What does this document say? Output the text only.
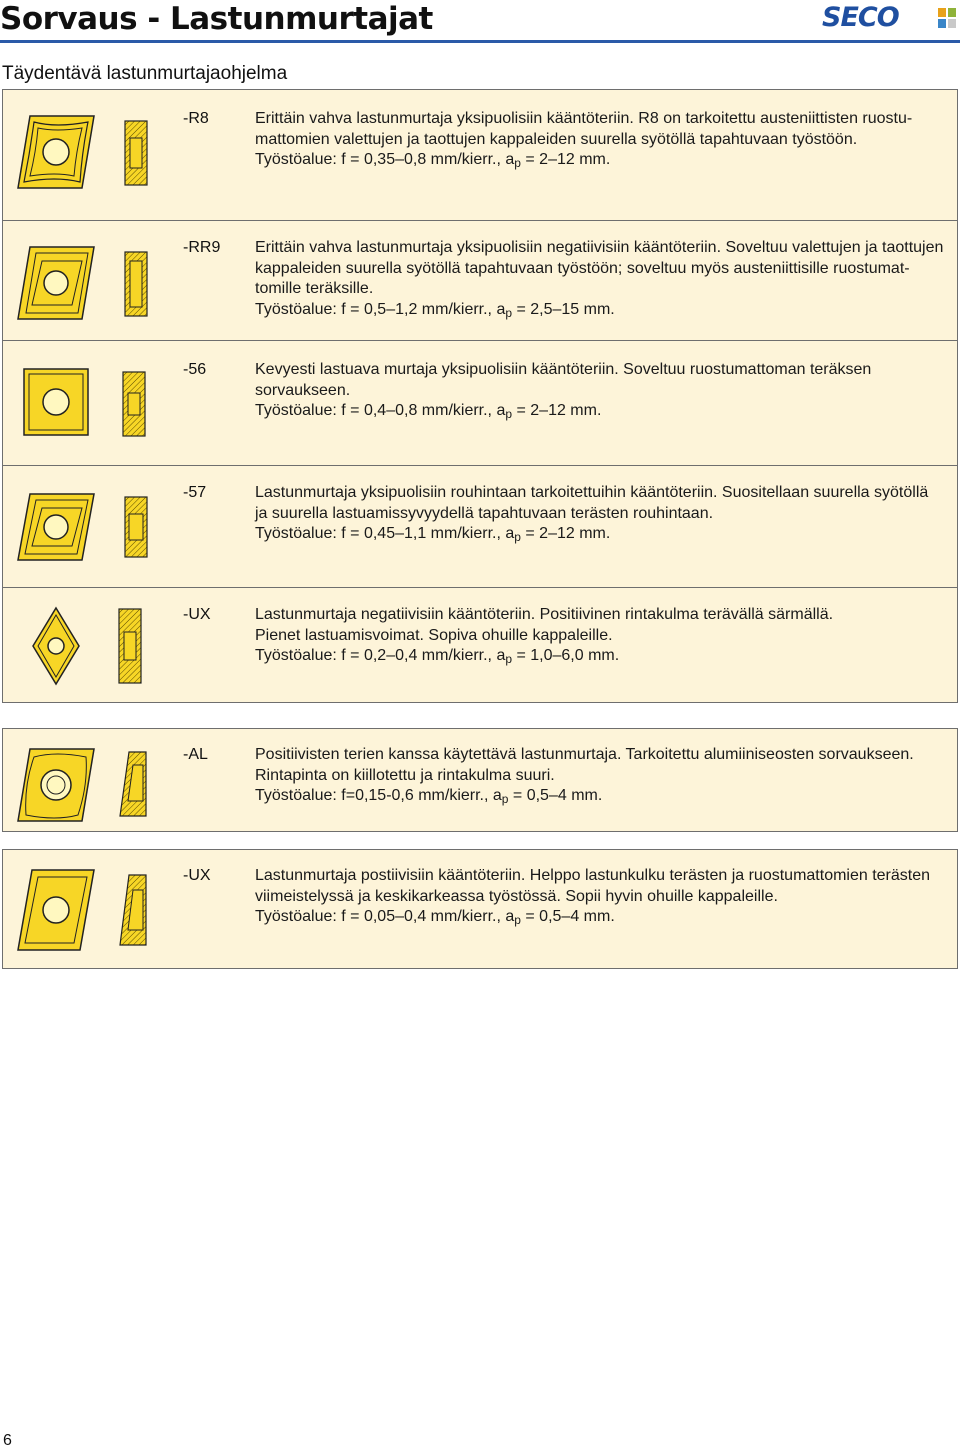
Sorvaus - Lastunmurtajat	SECO
Täydentävä lastunmurtajaohjelma
-R8	Erittäin vahva lastunmurtaja yksipuolisiin kääntöteriin. R8 on tarkoitettu austeniittisten ruostu-

mattomien valettujen ja taottujen kappaleiden suurella syötöllä tapahtuvaan työstöön.

Työstöalue: f = 0,35–0,8 mm/kierr., $a_p = 2-12$ mm.

-RR9 Erittäin vahva lastunmurtaja yksipuolisiin negatiivisiin kääntöteriin. Soveltuu valettujen ja taottujen

kappaleiden suurella syötöllä tapahtuvaan työstöön; soveltuu myös austeniittisille ruostumat-

tomille teräksille.

Työstöalue: f = 0,5–1,2 mm/kierr., $a_p = 2,5-15$ mm.

-56	Kevyesti lastuava murtaja yksipuolisiin kääntöteriin. Soveltuu ruostumattoman teräksen

sorvaukseen.

Työstöalue: f = 0,4–0,8 mm/kierr., $a_p = 2-12$ mm.

-57	Lastunmurtaja yksipuolisiin rouhintaan tarkoitettuihin kääntöteriin. Suositellaan suurella syötöllä

ja suurella lastuamissyvyydellä tapahtuvaan terästen rouhintaan.

Työstöalue: f = 0,45–1,1 mm/kierr., $a_p = 2-12$ mm.

-UX	Lastunmurtaja negatiivisiin kääntöteriin. Positiivinen rintakulma terävällä särmällä.

Pienet lastuamisvoimat. Sopiva ohuille kappaleille.

Työstöalue: f = 0,2–0,4 mm/kierr., $a_p = 1,0-6,0$ mm.

-AL	Positiivisten terien kanssa käytettävä lastunmurtaja. Tarkoitettu alumiiniseosten sorvaukseen.

Rintapinta on kiillotettu ja rintakulma suuri.

Työstöalue: f=0,15-0,6 mm/kierr., $a_p = 0,5-4$ mm.

-UX	Lastunmurtaja postiivisiin kääntöteriin. Helppo lastunkulku terästen ja ruostumattomien terästen

viimeistelyssä ja keskikarkeassa työstössä. Sopii hyvin ohuille kappaleille.

Työstöalue: f = 0,05–0,4 mm/kierr., $a_p = 0,5-4$ mm.

6
